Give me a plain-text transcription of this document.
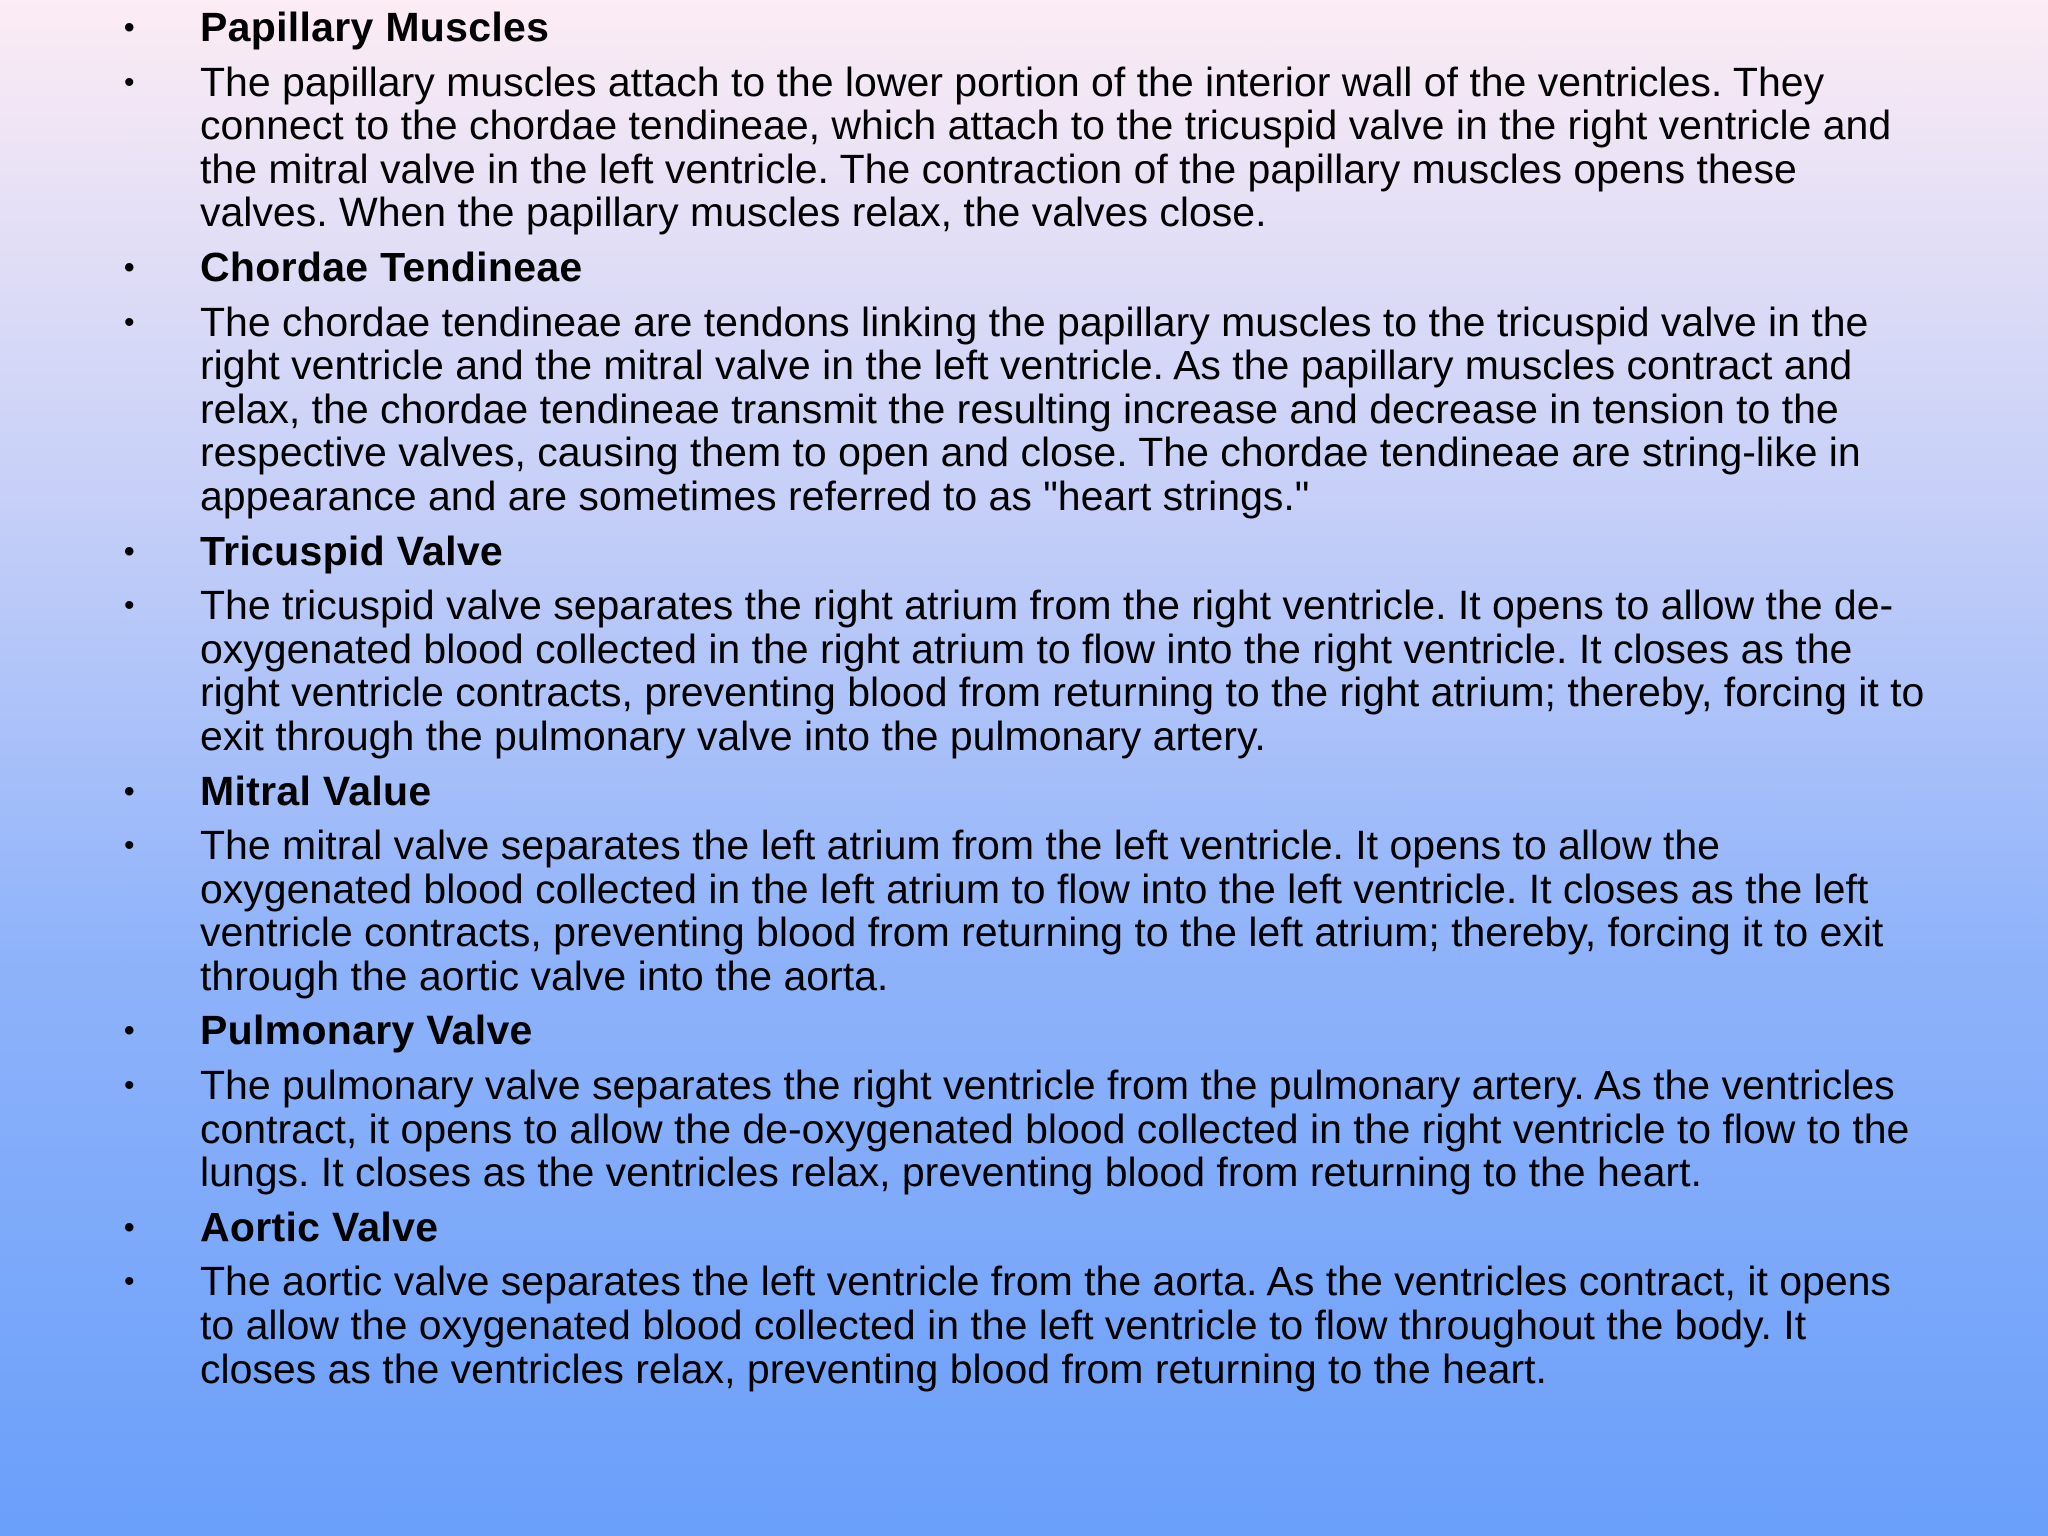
• Papillary Muscles
• The papillary muscles attach to the lower portion of the interior wall of the ventricles. They connect to the chordae tendineae, which attach to the tricuspid valve in the right ventricle and the mitral valve in the left ventricle. The contraction of the papillary muscles opens these valves. When the papillary muscles relax, the valves close.
• Chordae Tendineae
• The chordae tendineae are tendons linking the papillary muscles to the tricuspid valve in the right ventricle and the mitral valve in the left ventricle. As the papillary muscles contract and relax, the chordae tendineae transmit the resulting increase and decrease in tension to the respective valves, causing them to open and close. The chordae tendineae are string-like in appearance and are sometimes referred to as "heart strings."
• Tricuspid Valve
• The tricuspid valve separates the right atrium from the right ventricle. It opens to allow the de-oxygenated blood collected in the right atrium to flow into the right ventricle. It closes as the right ventricle contracts, preventing blood from returning to the right atrium; thereby, forcing it to exit through the pulmonary valve into the pulmonary artery.
• Mitral Value
• The mitral valve separates the left atrium from the left ventricle. It opens to allow the oxygenated blood collected in the left atrium to flow into the left ventricle. It closes as the left ventricle contracts, preventing blood from returning to the left atrium; thereby, forcing it to exit through the aortic valve into the aorta.
• Pulmonary Valve
• The pulmonary valve separates the right ventricle from the pulmonary artery. As the ventricles contract, it opens to allow the de-oxygenated blood collected in the right ventricle to flow to the lungs. It closes as the ventricles relax, preventing blood from returning to the heart.
• Aortic Valve
• The aortic valve separates the left ventricle from the aorta. As the ventricles contract, it opens to allow the oxygenated blood collected in the left ventricle to flow throughout the body. It closes as the ventricles relax, preventing blood from returning to the heart.
